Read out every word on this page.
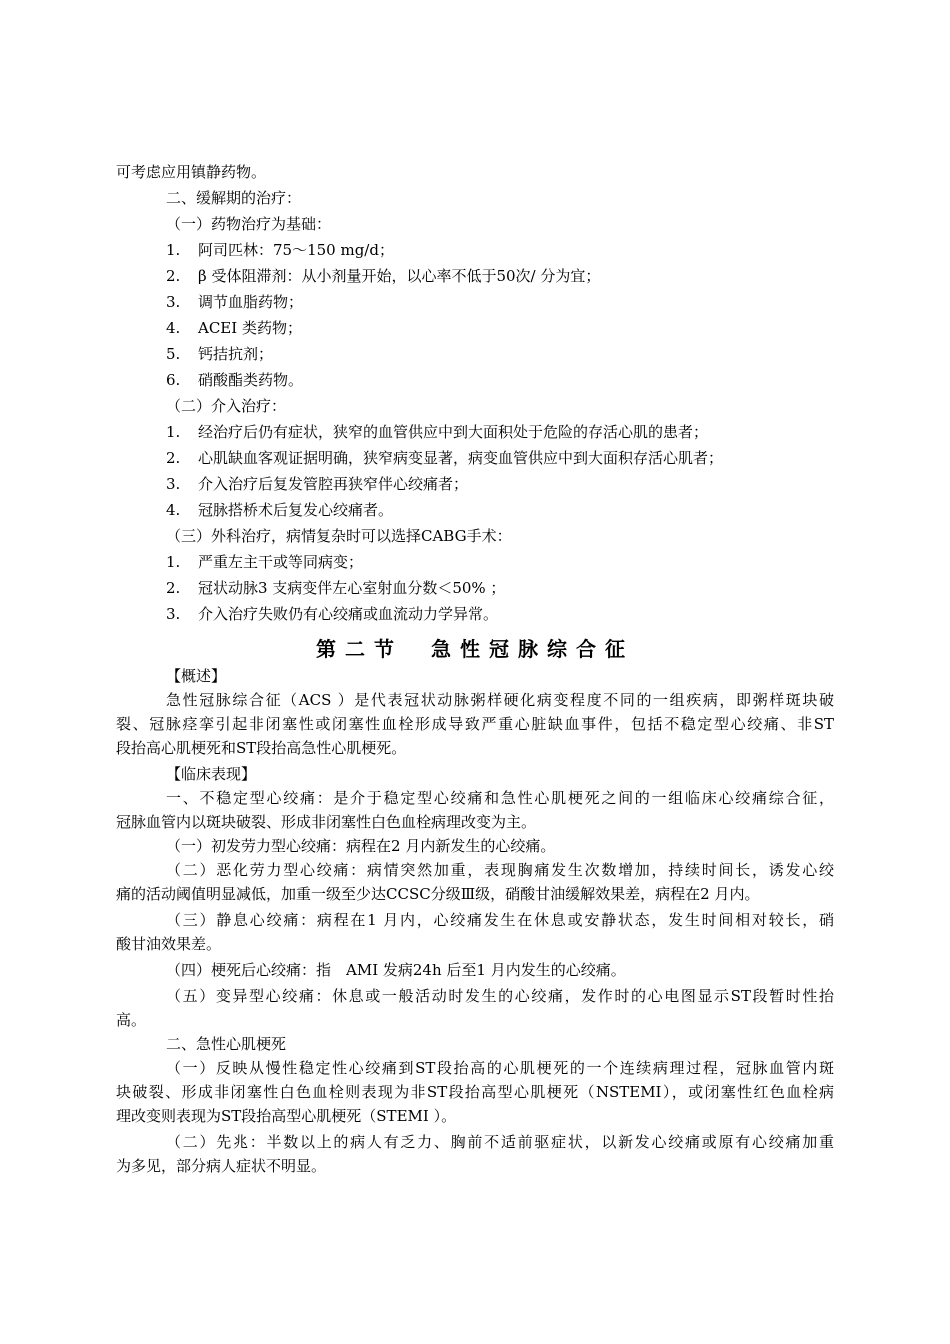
可考虑应用镇静药物。
二、缓解期的治疗：
（一）药物治疗为基础：
1. 阿司匹林：75～150 mg/d；
2. β 受体阻滞剂：从小剂量开始，以心率不低于50次/ 分为宜；
3. 调节血脂药物；
4. ACEI 类药物；
5. 钙拮抗剂；
6. 硝酸酯类药物。
（二）介入治疗：
1. 经治疗后仍有症状，狭窄的血管供应中到大面积处于危险的存活心肌的患者；
2. 心肌缺血客观证据明确，狭窄病变显著，病变血管供应中到大面积存活心肌者；
3. 介入治疗后复发管腔再狭窄伴心绞痛者；
4. 冠脉搭桥术后复发心绞痛者。
（三）外科治疗，病情复杂时可以选择CABG手术：
1. 严重左主干或等同病变；
2. 冠状动脉3 支病变伴左心室射血分数＜50% ；
3. 介入治疗失败仍有心绞痛或血流动力学异常。
第二节 急性冠脉综合征
【概述】
急性冠脉综合征（ACS ）是代表冠状动脉粥样硬化病变程度不同的一组疾病，即粥样斑块破
裂、冠脉痉挛引起非闭塞性或闭塞性血栓形成导致严重心脏缺血事件，包括不稳定型心绞痛、非ST
段抬高心肌梗死和ST段抬高急性心肌梗死。
【临床表现】
一、不稳定型心绞痛：是介于稳定型心绞痛和急性心肌梗死之间的一组临床心绞痛综合征，
冠脉血管内以斑块破裂、形成非闭塞性白色血栓病理改变为主。
（一）初发劳力型心绞痛：病程在2 月内新发生的心绞痛。
（二）恶化劳力型心绞痛：病情突然加重，表现胸痛发生次数增加，持续时间长，诱发心绞
痛的活动阈值明显减低，加重一级至少达CCSC分级Ⅲ级，硝酸甘油缓解效果差，病程在2 月内。
（三）静息心绞痛：病程在1 月内，心绞痛发生在休息或安静状态，发生时间相对较长，硝
酸甘油效果差。
（四）梗死后心绞痛：指　AMI 发病24h 后至1 月内发生的心绞痛。
（五）变异型心绞痛：休息或一般活动时发生的心绞痛，发作时的心电图显示ST段暂时性抬
高。
二、急性心肌梗死
（一）反映从慢性稳定性心绞痛到ST段抬高的心肌梗死的一个连续病理过程，冠脉血管内斑
块破裂、形成非闭塞性白色血栓则表现为非ST段抬高型心肌梗死（NSTEMI），或闭塞性红色血栓病
理改变则表现为ST段抬高型心肌梗死（STEMI ）。
（二）先兆：半数以上的病人有乏力、胸前不适前驱症状，以新发心绞痛或原有心绞痛加重
为多见，部分病人症状不明显。
